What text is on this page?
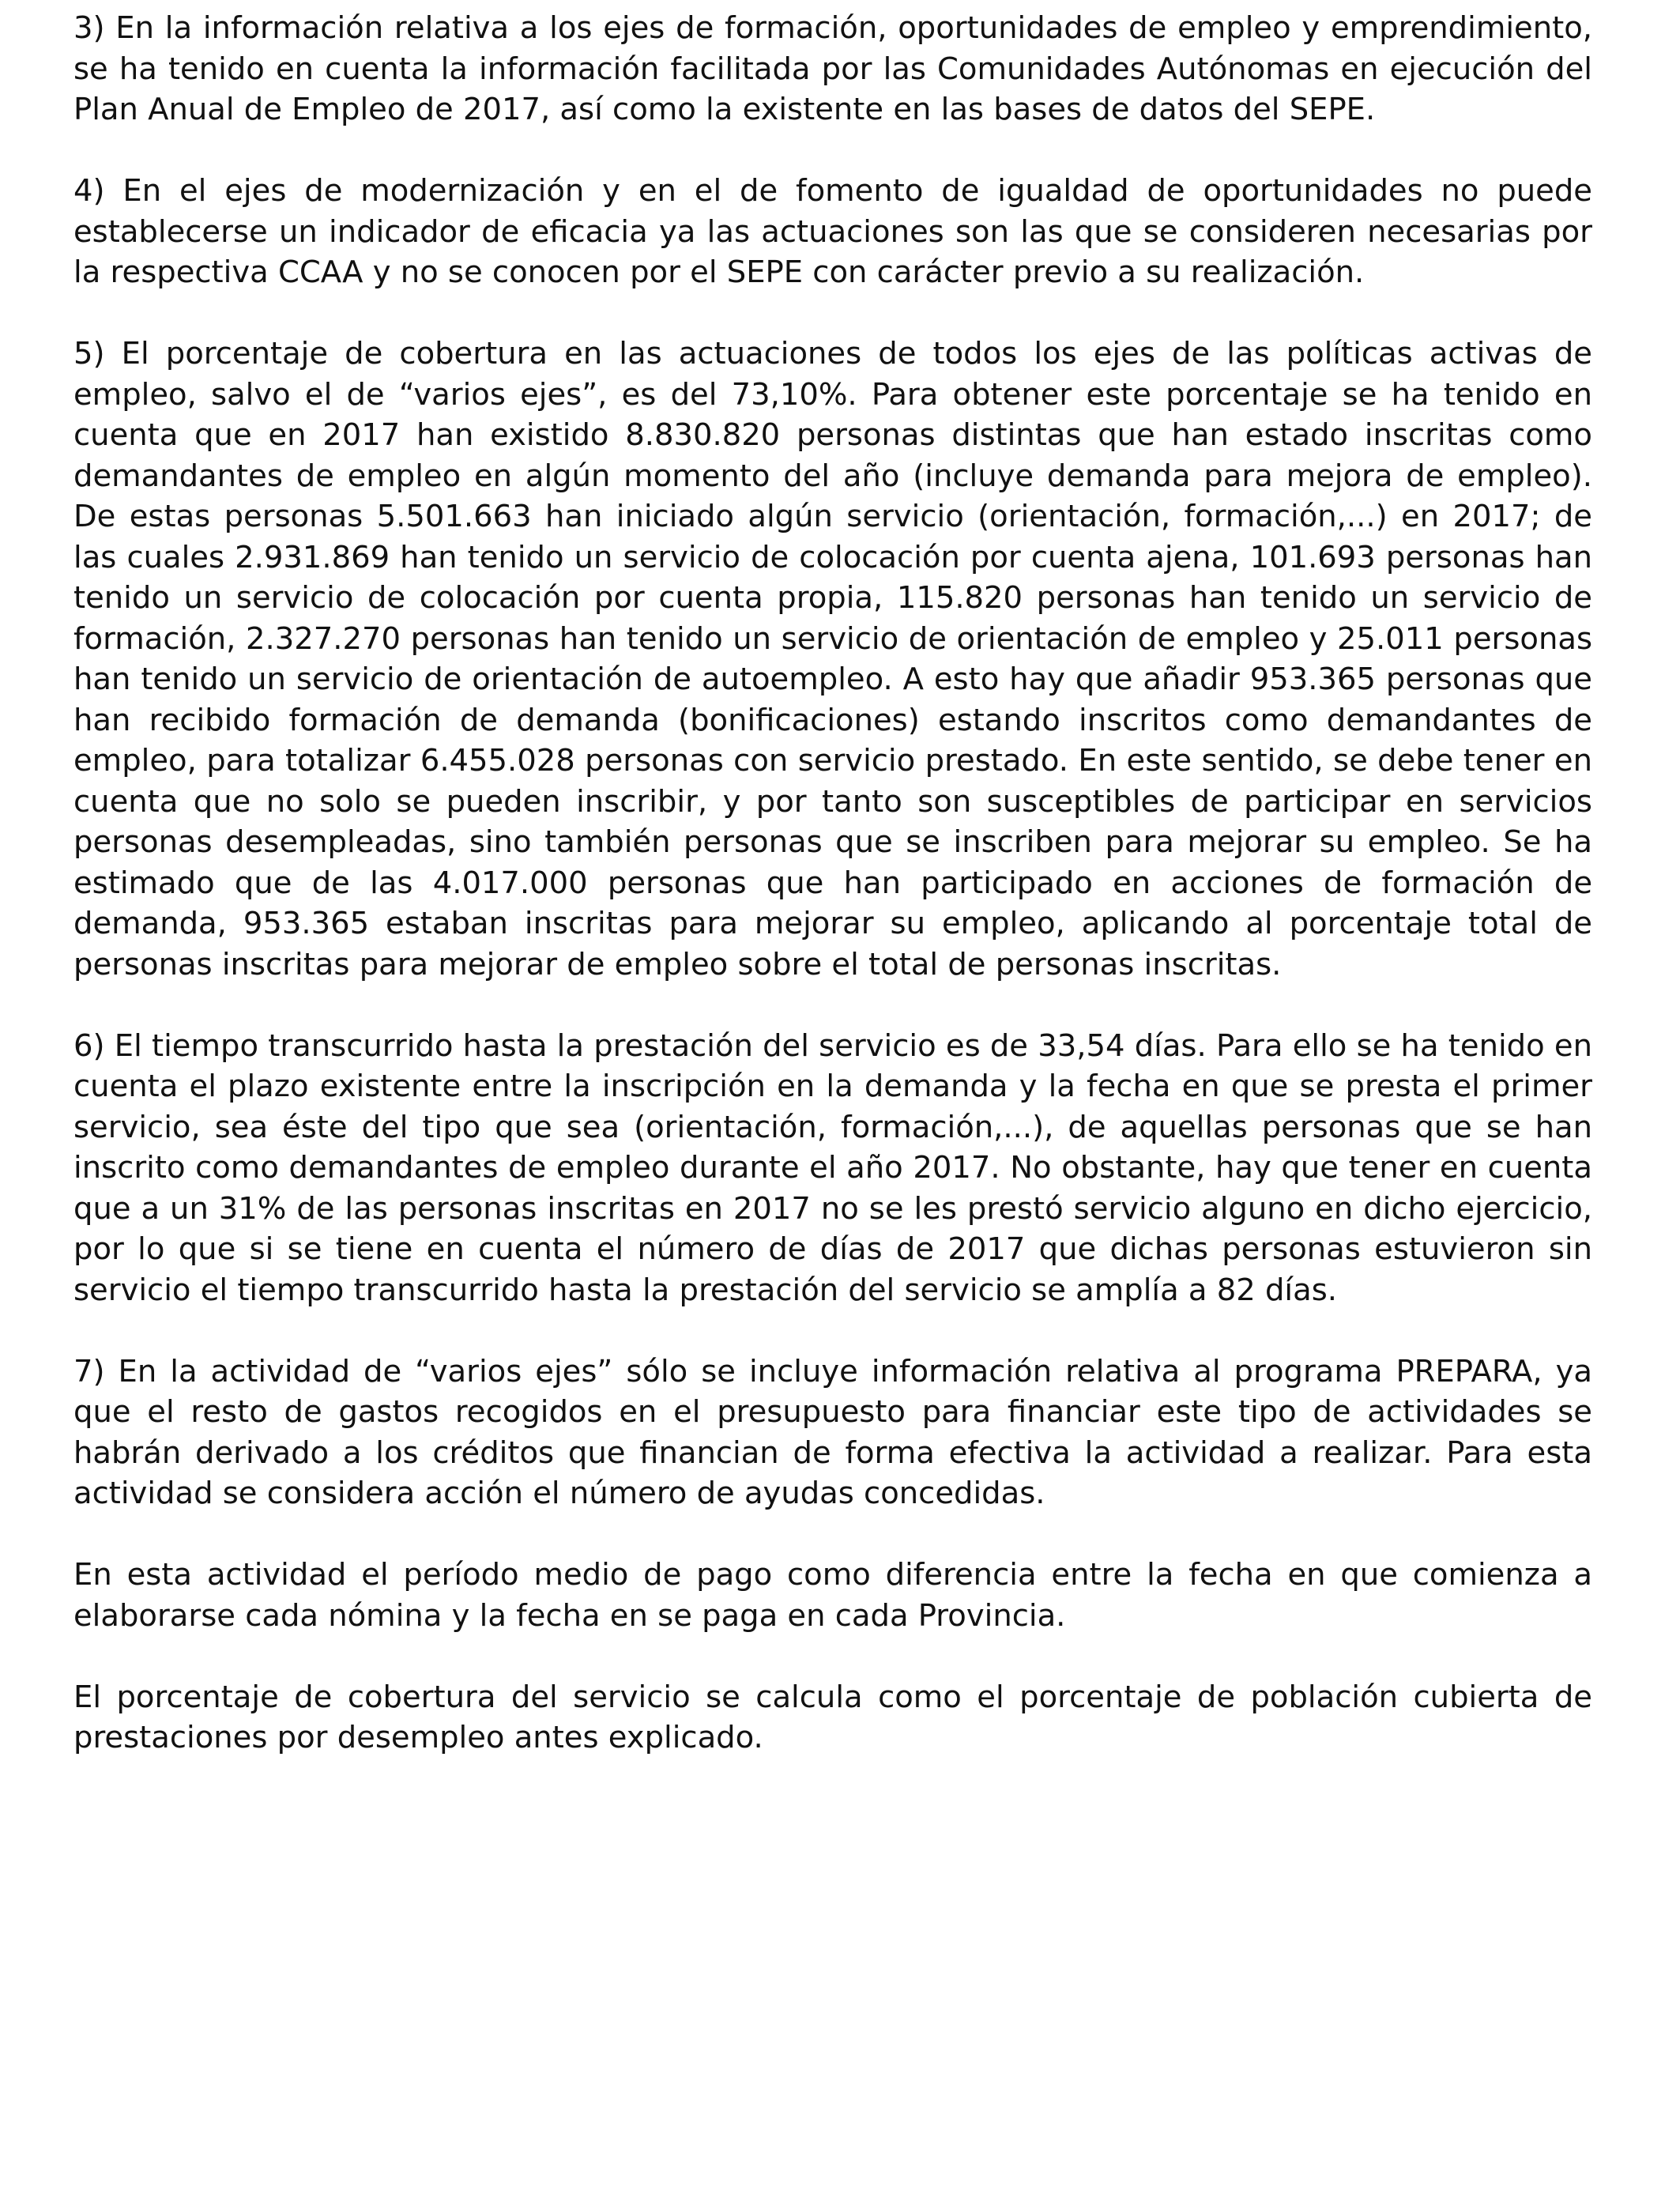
3) En la información relativa a los ejes de formación, oportunidades de empleo y emprendimiento, se ha tenido en cuenta la información facilitada por las Comunidades Autónomas en ejecución del Plan Anual de Empleo de 2017, así como la existente en las bases de datos del SEPE.

4) En el ejes de modernización y en el de fomento de igualdad de oportunidades no puede establecerse un indicador de eficacia ya las actuaciones son las que se consideren necesarias por la respectiva CCAA y no se conocen por el SEPE con carácter previo a su realización.

5) El porcentaje de cobertura en las actuaciones de todos los ejes de las políticas activas de empleo, salvo el de “varios ejes”, es del 73,10%. Para obtener este porcentaje se ha tenido en cuenta que en 2017 han existido 8.830.820 personas distintas que han estado inscritas como demandantes de empleo en algún momento del año (incluye demanda para mejora de empleo). De estas personas 5.501.663 han iniciado algún servicio (orientación, formación,...) en 2017; de las cuales 2.931.869 han tenido un servicio de colocación por cuenta ajena, 101.693 personas han tenido un servicio de colocación por cuenta propia, 115.820 personas han tenido un servicio de formación, 2.327.270 personas han tenido un servicio de orientación de empleo y 25.011 personas han tenido un servicio de orientación de autoempleo. A esto hay que añadir 953.365 personas que han recibido formación de demanda (bonificaciones) estando inscritos como demandantes de empleo, para totalizar 6.455.028 personas con servicio prestado. En este sentido, se debe tener en cuenta que no solo se pueden inscribir, y por tanto son susceptibles de participar en servicios personas desempleadas, sino también personas que se inscriben para mejorar su empleo. Se ha estimado que de las 4.017.000 personas que han participado en acciones de formación de demanda, 953.365 estaban inscritas para mejorar su empleo, aplicando al porcentaje total de personas inscritas para mejorar de empleo sobre el total de personas inscritas.

6) El tiempo transcurrido hasta la prestación del servicio es de 33,54 días. Para ello se ha tenido en cuenta el plazo existente entre la inscripción en la demanda y la fecha en que se presta el primer servicio, sea éste del tipo que sea (orientación, formación,...), de aquellas personas que se han inscrito como demandantes de empleo durante el año 2017. No obstante, hay que tener en cuenta que a un 31% de las personas inscritas en 2017 no se les prestó servicio alguno en dicho ejercicio, por lo que si se tiene en cuenta el número de días de 2017 que dichas personas estuvieron sin servicio el tiempo transcurrido hasta la prestación del servicio se amplía a 82 días.

7) En la actividad de “varios ejes” sólo se incluye información relativa al programa PREPARA, ya que el resto de gastos recogidos en el presupuesto para financiar este tipo de actividades se habrán derivado a los créditos que financian de forma efectiva la actividad a realizar. Para esta actividad se considera acción el número de ayudas concedidas.

En esta actividad el período medio de pago como diferencia entre la fecha en que comienza a elaborarse cada nómina y la fecha en se paga en cada Provincia.

El porcentaje de cobertura del servicio se calcula como el porcentaje de población cubierta de prestaciones por desempleo antes explicado.
